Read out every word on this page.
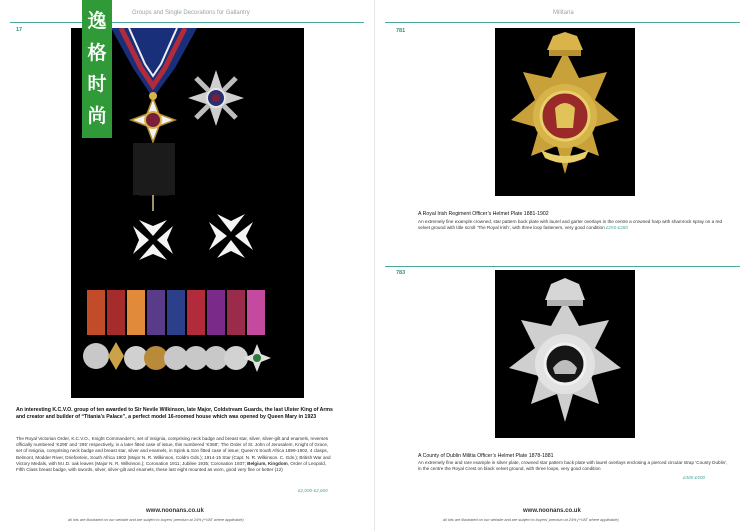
Groups and Single Decorations for Gallantry
17
An interesting K.C.V.O. group of ten awarded to Sir Nevile Wilkinson, late Major, Coldstream Guards, the last Ulster King of Arms and creator and builder of “Titania’s Palace”, a perfect model 16-roomed house which was opened by Queen Mary in 1923
The Royal Victorian Order, K.C.V.O., Knight Commander’s, set of insignia, comprising neck badge and breast star, silver, silver-gilt and enamels, reverses officially numbered ‘K295’ and ‘295’ respectively, in a later fitted case of issue, this numbered ‘K368’; The Order of St. John of Jerusalem, Knight of Grace, set of insignia, comprising neck badge and breast star, silver and enamels, in Spink & Son fitted case of issue; Queen’s South Africa 1899-1902, 4 clasps, Belmont, Modder River, Driefontein, South Africa 1902 (Major N. R. Wilkinson, Coldm Gds.); 1914-15 Star (Capt. N. R. Wilkinson. C. Gds.); British War and Victory Medals, with M.I.D. oak leaves (Major N. R. Wilkinson.); Coronation 1911; Jubilee 1935; Coronation 1937; Belgium, Kingdom, Order of Leopold, Fifth Class breast badge, with swords, silver, silver-gilt and enamels, these last eight mounted as worn, good very fine or better (12)
£2,000-£2,600
www.noonans.co.uk
all lots are illustrated on our website and are subject to buyers’ premium at 24% (+VAT where applicable)
逸
格
时
尚
Militaria
781
A Royal Irish Regiment Officer’s Helmet Plate 1881-1902
An extremely fine example crowned, star pattern back plate with laurel and garter overlays in the centre a crowned harp with shamrock spray on a red velvet ground with title scroll ‘The Royal Irish’, with three loop fasteners, very good condition £250-£280
783
A County of Dublin Militia Officer’s Helmet Plate 1878-1881
An extremely fine and rare example in silver plate, crowned star pattern back plate with laurel overlays enclosing a pierced circular strap ‘County Dublin’, in the centre the Royal Crest on black velvet ground, with three loops, very good condition
£400-£500
www.noonans.co.uk
all lots are illustrated on our website and are subject to buyers’ premium at 24% (+VAT where applicable)
